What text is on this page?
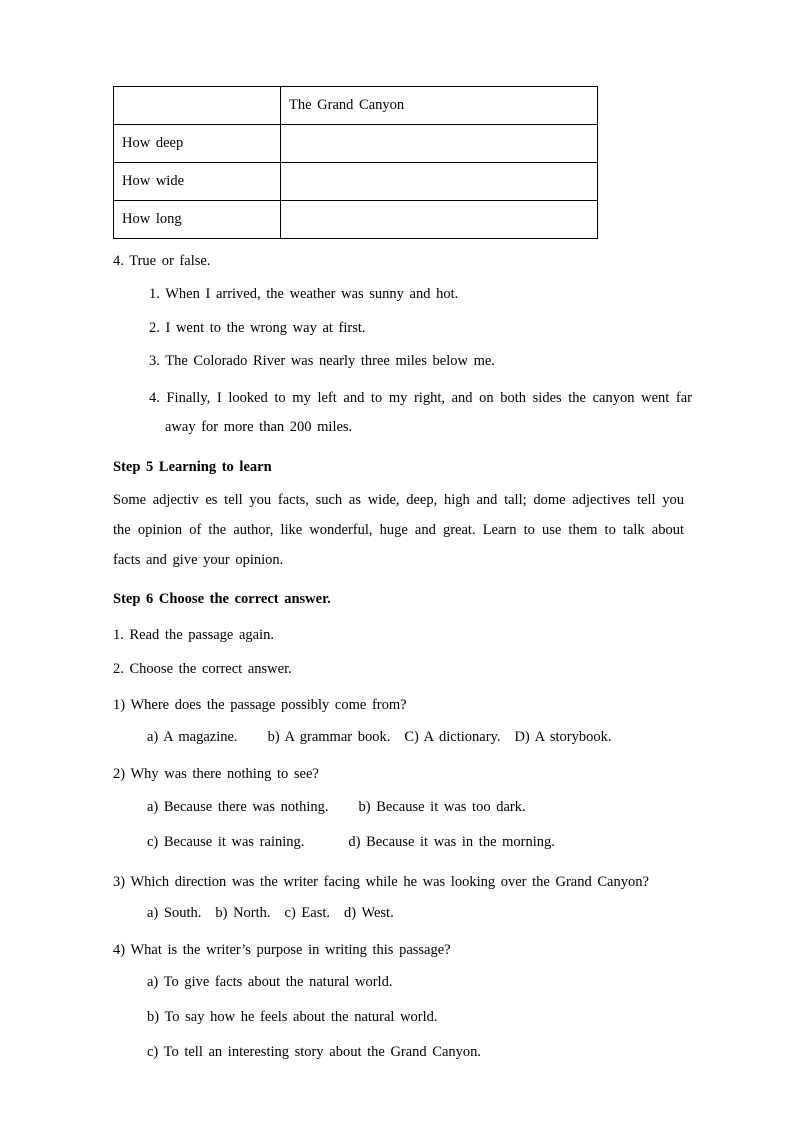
	The Grand Canyon
How deep	
How wide	
How long	

4. True or false.

1. When I arrived, the weather was sunny and hot.

2. I went to the wrong way at first.

3. The Colorado River was nearly three miles below me.

4. Finally, I looked to my left and to my right, and on both sides the canyon went far away for more than 200 miles.

Step 5 Learning to learn

Some adjectiv es tell you facts, such as wide, deep, high and tall; dome adjectives tell you the opinion of the author, like wonderful, huge and great. Learn to use them to talk about facts and give your opinion.

Step 6 Choose the correct answer.

1. Read the passage again.

2. Choose the correct answer.

1) Where does the passage possibly come from?

a) A magazine. b) A grammar book. C) A dictionary. D) A storybook.

2) Why was there nothing to see?

a) Because there was nothing. b) Because it was too dark.

c) Because it was raining.	d) Because it was in the morning.

3) Which direction was the writer facing while he was looking over the Grand Canyon?

a) South. b) North. c) East. d) West.

4) What is the writer’s purpose in writing this passage?

a) To give facts about the natural world.

b) To say how he feels about the natural world.

c) To tell an interesting story about the Grand Canyon.
